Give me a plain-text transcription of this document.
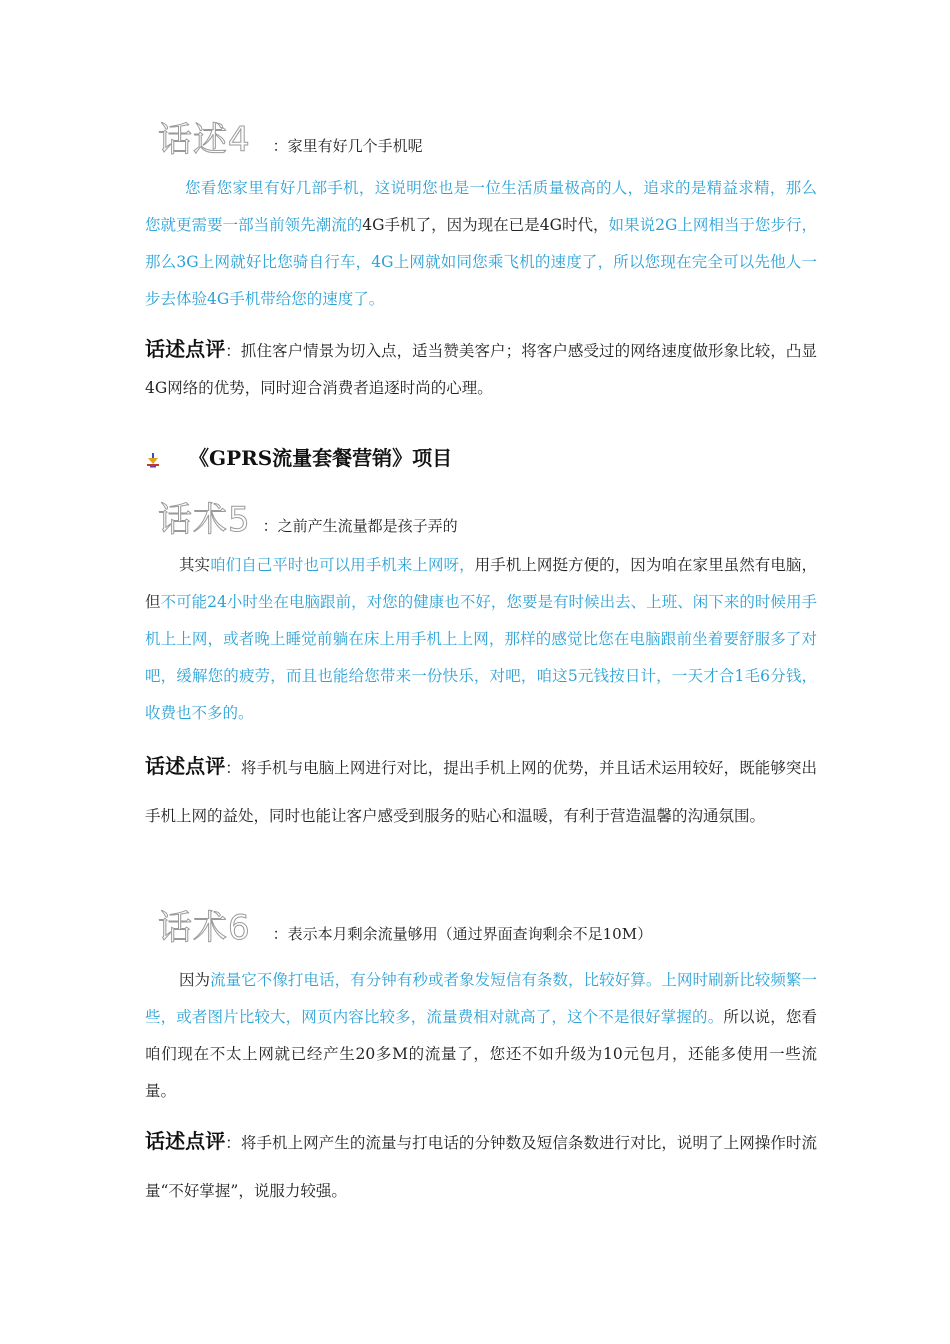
话述4 ：家里有好几个手机呢
您看您家里有好几部手机，这说明您也是一位生活质量极高的人，追求的是精益求精，那么您就更需要一部当前领先潮流的4G手机了，因为现在已是4G时代，如果说2G上网相当于您步行，那么3G上网就好比您骑自行车，4G上网就如同您乘飞机的速度了，所以您现在完全可以先他人一步去体验4G手机带给您的速度了。
话述点评：抓住客户情景为切入点，适当赞美客户；将客户感受过的网络速度做形象比较，凸显4G网络的优势，同时迎合消费者追逐时尚的心理。
《GPRS流量套餐营销》项目
话术5 ：之前产生流量都是孩子弄的
其实咱们自己平时也可以用手机来上网呀，用手机上网挺方便的，因为咱在家里虽然有电脑，但不可能24小时坐在电脑跟前，对您的健康也不好，您要是有时候出去、上班、闲下来的时候用手机上上网，或者晚上睡觉前躺在床上用手机上上网，那样的感觉比您在电脑跟前坐着要舒服多了对吧，缓解您的疲劳，而且也能给您带来一份快乐，对吧，咱这5元钱按日计，一天才合1毛6分钱，收费也不多的。
话述点评：将手机与电脑上网进行对比，提出手机上网的优势，并且话术运用较好，既能够突出手机上网的益处，同时也能让客户感受到服务的贴心和温暖，有利于营造温馨的沟通氛围。
话术6 ：表示本月剩余流量够用（通过界面查询剩余不足10M）
因为流量它不像打电话，有分钟有秒或者象发短信有条数，比较好算。上网时刷新比较频繁一些，或者图片比较大，网页内容比较多，流量费相对就高了，这个不是很好掌握的。所以说，您看咱们现在不太上网就已经产生20多M的流量了，您还不如升级为10元包月，还能多使用一些流量。
话述点评：将手机上网产生的流量与打电话的分钟数及短信条数进行对比，说明了上网操作时流量“不好掌握”，说服力较强。
